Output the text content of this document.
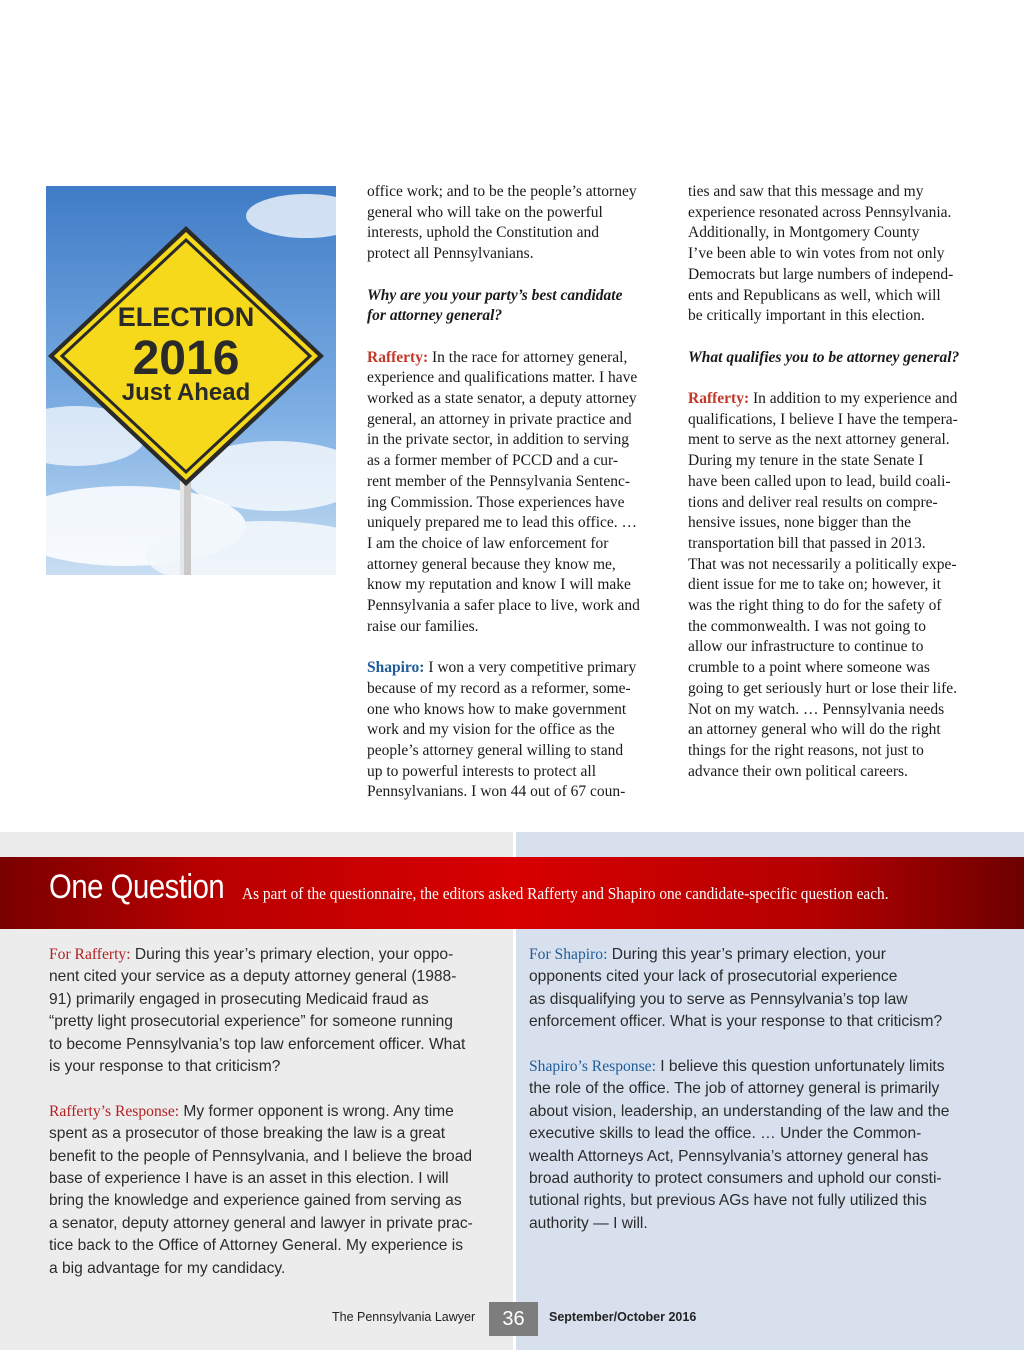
ELECTION
2016
Just Ahead

office work; and to be the people’s attorney
general who will take on the powerful
interests, uphold the Constitution and
protect all Pennsylvanians.

Why are you your party’s best candidate
for attorney general?

Rafferty: In the race for attorney general,
experience and qualifications matter. I have
worked as a state senator, a deputy attorney
general, an attorney in private practice and
in the private sector, in addition to serving
as a former member of PCCD and a cur-
rent member of the Pennsylvania Sentenc-
ing Commission. Those experiences have
uniquely prepared me to lead this office. …
I am the choice of law enforcement for
attorney general because they know me,
know my reputation and know I will make
Pennsylvania a safer place to live, work and
raise our families.

Shapiro: I won a very competitive primary
because of my record as a reformer, some-
one who knows how to make government
work and my vision for the office as the
people’s attorney general willing to stand
up to powerful interests to protect all
Pennsylvanians. I won 44 out of 67 coun-

ties and saw that this message and my
experience resonated across Pennsylvania.
Additionally, in Montgomery County
I’ve been able to win votes from not only
Democrats but large numbers of independ-
ents and Republicans as well, which will
be critically important in this election.

What qualifies you to be attorney general?

Rafferty: In addition to my experience and
qualifications, I believe I have the tempera-
ment to serve as the next attorney general.
During my tenure in the state Senate I
have been called upon to lead, build coali-
tions and deliver real results on compre-
hensive issues, none bigger than the
transportation bill that passed in 2013.
That was not necessarily a politically expe-
dient issue for me to take on; however, it
was the right thing to do for the safety of
the commonwealth. I was not going to
allow our infrastructure to continue to
crumble to a point where someone was
going to get seriously hurt or lose their life.
Not on my watch. … Pennsylvania needs
an attorney general who will do the right
things for the right reasons, not just to
advance their own political careers.

One Question As part of the questionnaire, the editors asked Rafferty and Shapiro one candidate-specific question each.

For Rafferty: During this year’s primary election, your oppo-
nent cited your service as a deputy attorney general (1988-
91) primarily engaged in prosecuting Medicaid fraud as
“pretty light prosecutorial experience” for someone running
to become Pennsylvania’s top law enforcement officer. What
is your response to that criticism?

Rafferty’s Response: My former opponent is wrong. Any time
spent as a prosecutor of those breaking the law is a great
benefit to the people of Pennsylvania, and I believe the broad
base of experience I have is an asset in this election. I will
bring the knowledge and experience gained from serving as
a senator, deputy attorney general and lawyer in private prac-
tice back to the Office of Attorney General. My experience is
a big advantage for my candidacy.

For Shapiro: During this year’s primary election, your
opponents cited your lack of prosecutorial experience
as disqualifying you to serve as Pennsylvania’s top law
enforcement officer. What is your response to that criticism?

Shapiro’s Response: I believe this question unfortunately limits
the role of the office. The job of attorney general is primarily
about vision, leadership, an understanding of the law and the
executive skills to lead the office. … Under the Common-
wealth Attorneys Act, Pennsylvania’s attorney general has
broad authority to protect consumers and uphold our consti-
tutional rights, but previous AGs have not fully utilized this
authority — I will.

The Pennsylvania Lawyer	36	September/October 2016
